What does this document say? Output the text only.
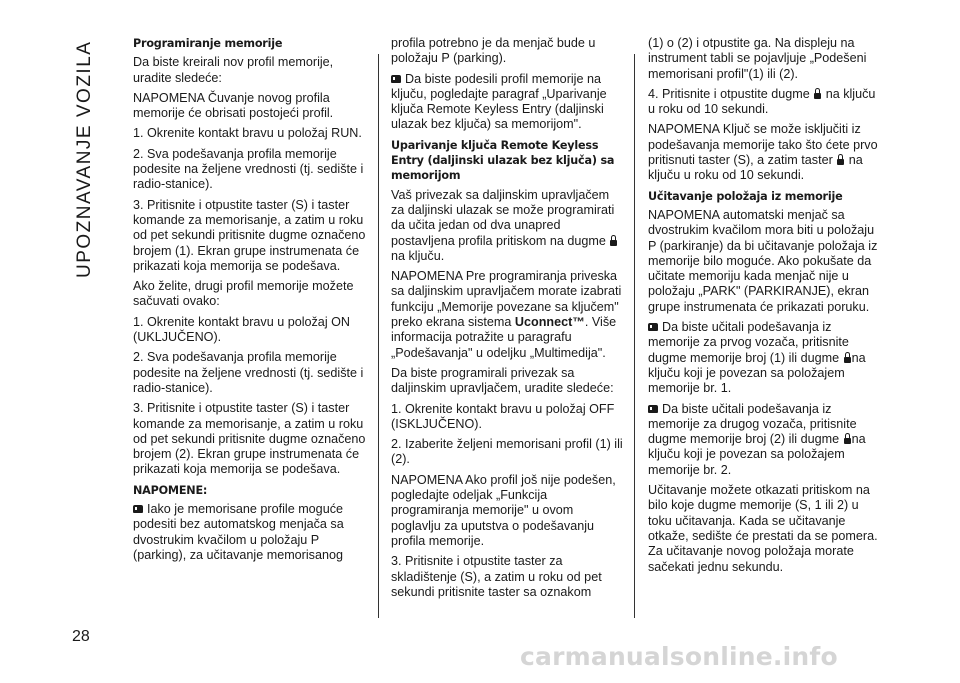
UPOZNAVANJE VOZILA
28
carmanualsonline.info

Programiranje memorije

Da biste kreirali nov profil memorije, uradite sledeće:

NAPOMENA Čuvanje novog profila memorije će obrisati postojeći profil.

1. Okrenite kontakt bravu u položaj RUN.

2. Sva podešavanja profila memorije podesite na željene vrednosti (tj. sedište i radio-stanice).

3. Pritisnite i otpustite taster (S) i taster komande za memorisanje, a zatim u roku od pet sekundi pritisnite dugme označeno brojem (1). Ekran grupe instrumenata će prikazati koja memorija se podešava.

Ako želite, drugi profil memorije možete sačuvati ovako:

1. Okrenite kontakt bravu u položaj ON (UKLJUČENO).

2. Sva podešavanja profila memorije podesite na željene vrednosti (tj. sedište i radio-stanice).

3. Pritisnite i otpustite taster (S) i taster komande za memorisanje, a zatim u roku od pet sekundi pritisnite dugme označeno brojem (2). Ekran grupe instrumenata će prikazati koja memorija se podešava.

NAPOMENE:

Iako je memorisane profile moguće podesiti bez automatskog menjača sa dvostrukim kvačilom u položaju P (parking), za učitavanje memorisanog

profila potrebno je da menjač bude u položaju P (parking).

Da biste podesili profil memorije na ključu, pogledajte paragraf „Uparivanje ključa Remote Keyless Entry (daljinski ulazak bez ključa) sa memorijom".

Uparivanje ključa Remote Keyless Entry (daljinski ulazak bez ključa) sa memorijom

Vaš privezak sa daljinskim upravljačem za daljinski ulazak se može programirati da učita jedan od dva unapred postavljena profila pritiskom na dugme  na ključu.

NAPOMENA Pre programiranja priveska sa daljinskim upravljačem morate izabrati funkciju „Memorije povezane sa ključem" preko ekrana sistema Uconnect™. Više informacija potražite u paragrafu „Podešavanja" u odeljku „Multimedija".

Da biste programirali privezak sa daljinskim upravljačem, uradite sledeće:

1. Okrenite kontakt bravu u položaj OFF (ISKLJUČENO).

2. Izaberite željeni memorisani profil (1) ili (2).

NAPOMENA Ako profil još nije podešen, pogledajte odeljak „Funkcija programiranja memorije" u ovom poglavlju za uputstva o podešavanju profila memorije.

3. Pritisnite i otpustite taster za skladištenje (S), a zatim u roku od pet sekundi pritisnite taster sa oznakom

(1) o (2) i otpustite ga. Na displeju na instrument tabli se pojavljuje „Podešeni memorisani profil"(1) ili (2).

4. Pritisnite i otpustite dugme na ključu u roku od 10 sekundi.

NAPOMENA Ključ se može isključiti iz podešavanja memorije tako što ćete prvo pritisnuti taster (S), a zatim taster na ključu u roku od 10 sekundi.

Učitavanje položaja iz memorije

NAPOMENA automatski menjač sa dvostrukim kvačilom mora biti u položaju P (parkiranje) da bi učitavanje položaja iz memorije bilo moguće. Ako pokušate da učitate memoriju kada menjač nije u položaju „PARK" (PARKIRANJE), ekran grupe instrumenata će prikazati poruku.

Da biste učitali podešavanja iz memorije za prvog vozača, pritisnite dugme memorije broj (1) ili dugme na ključu koji je povezan sa položajem memorije br. 1.

Da biste učitali podešavanja iz memorije za drugog vozača, pritisnite dugme memorije broj (2) ili dugme na ključu koji je povezan sa položajem memorije br. 2.

Učitavanje možete otkazati pritiskom na bilo koje dugme memorije (S, 1 ili 2) u toku učitavanja. Kada se učitavanje otkaže, sedište će prestati da se pomera. Za učitavanje novog položaja morate sačekati jednu sekundu.
